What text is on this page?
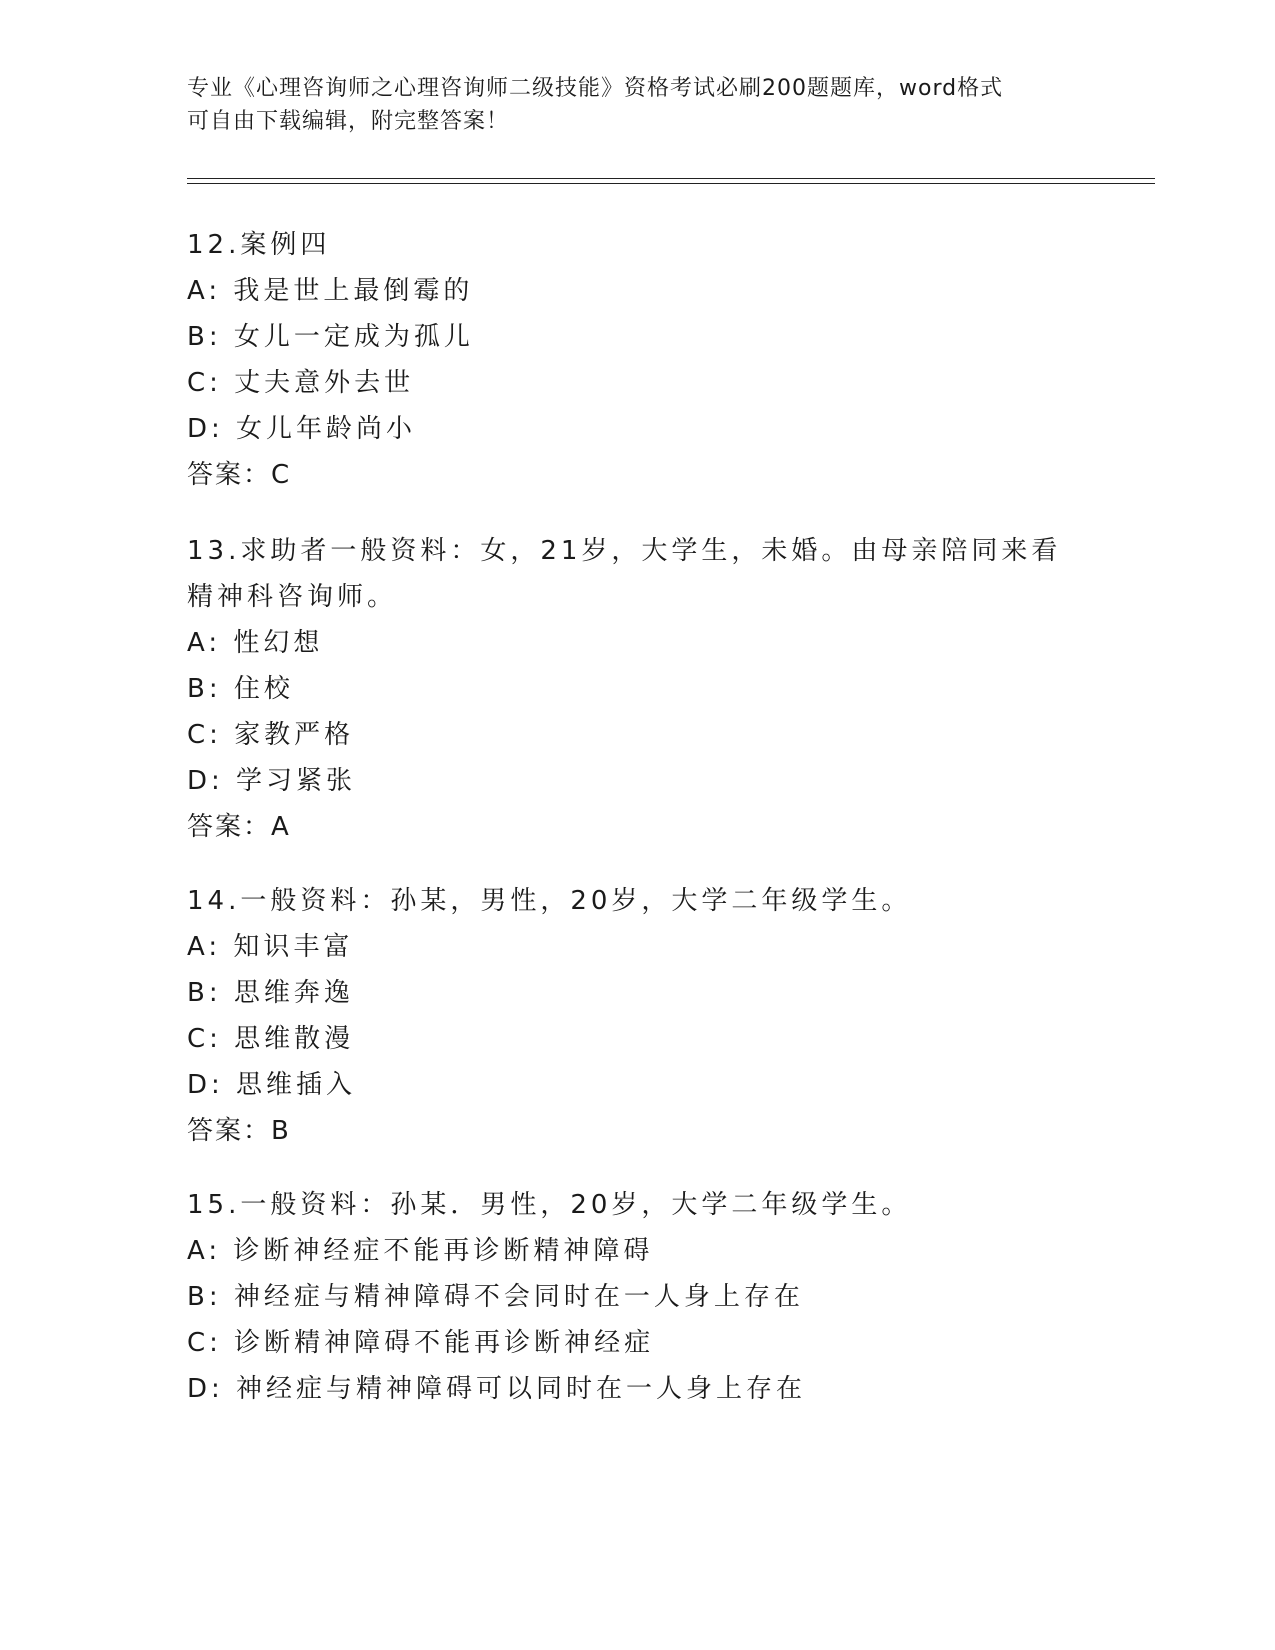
专业《心理咨询师之心理咨询师二级技能》资格考试必刷200题题库，word格式
可自由下载编辑，附完整答案！
12.案例四
A: 我是世上最倒霉的
B: 女儿一定成为孤儿
C: 丈夫意外去世
D: 女儿年龄尚小
答案：C
13.求助者一般资料：女，21岁，大学生，未婚。由母亲陪同来看精神科咨询师。
A: 性幻想
B: 住校
C: 家教严格
D: 学习紧张
答案：A
14.一般资料：孙某，男性，20岁，大学二年级学生。
A: 知识丰富
B: 思维奔逸
C: 思维散漫
D: 思维插入
答案：B
15.一般资料：孙某．男性，20岁，大学二年级学生。
A: 诊断神经症不能再诊断精神障碍
B: 神经症与精神障碍不会同时在一人身上存在
C: 诊断精神障碍不能再诊断神经症
D: 神经症与精神障碍可以同时在一人身上存在
